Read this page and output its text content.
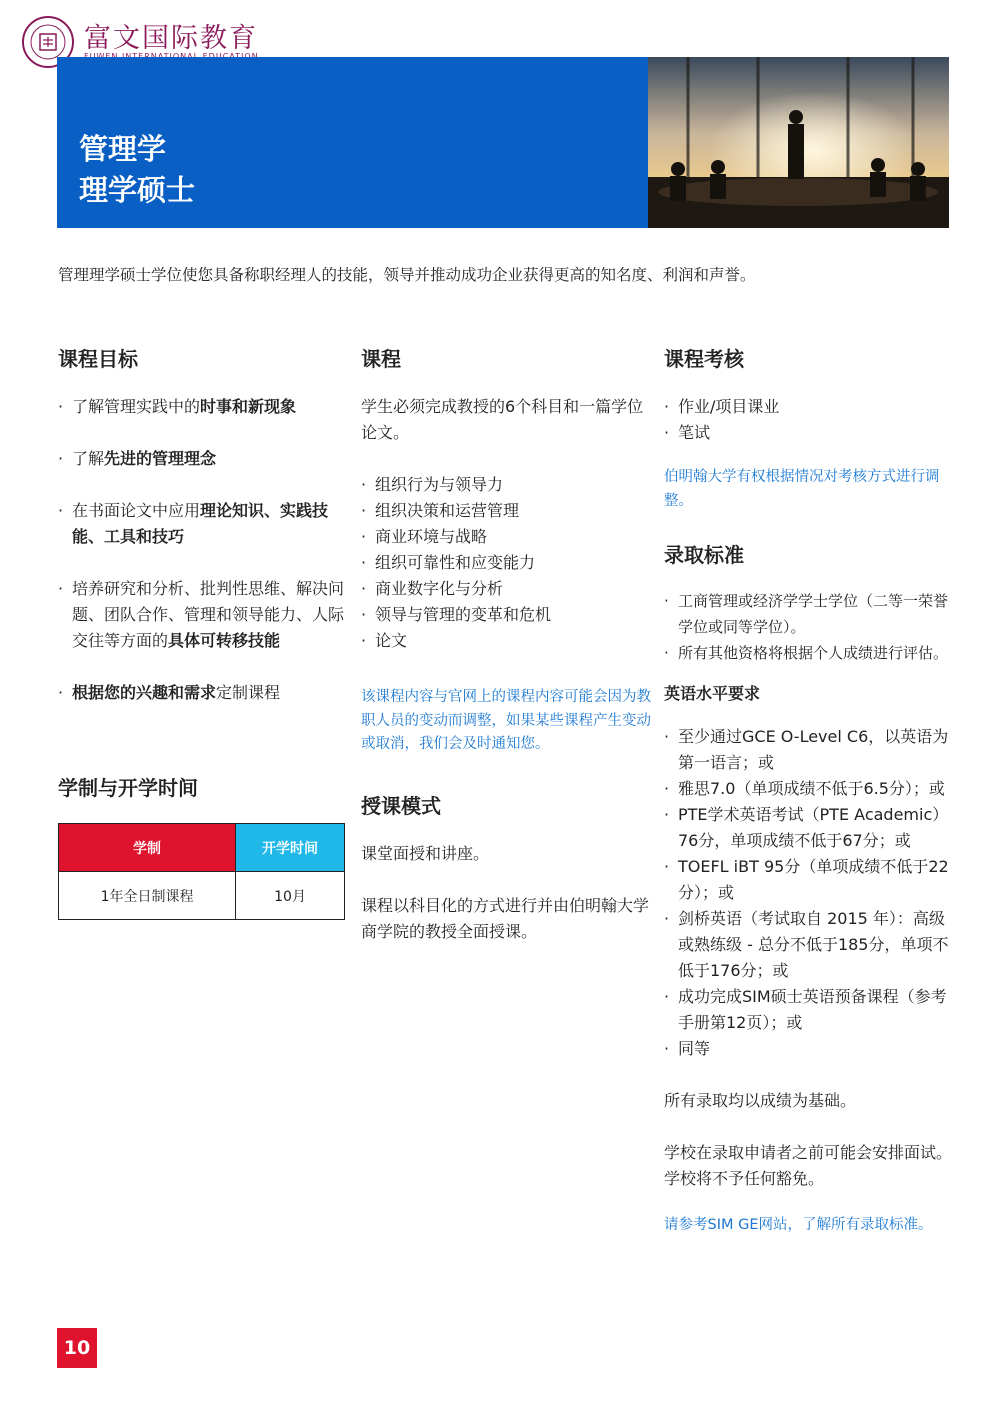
富文国际教育
管理学
理学硕士

管理理学硕士学位使您具备称职经理人的技能，领导并推动成功企业获得更高的知名度、利润和声誉。

课程目标
· 了解管理实践中的时事和新现象
· 了解先进的管理理念
· 在书面论文中应用理论知识、实践技能、工具和技巧
· 培养研究和分析、批判性思维、解决问题、团队合作、管理和领导能力、人际交往等方面的具体可转移技能
· 根据您的兴趣和需求定制课程
学制与开学时间
学制	开学时间
1年全日制课程	10月
课程

学生必须完成教授的6个科目和一篇学位论文。

· 组织行为与领导力
· 组织决策和运营管理
· 商业环境与战略
· 组织可靠性和应变能力
· 商业数字化与分析
· 领导与管理的变革和危机
· 论文

该课程内容与官网上的课程内容可能会因为教职人员的变动而调整，如果某些课程产生变动或取消，我们会及时通知您。

授课模式

课堂面授和讲座。

课程以科目化的方式进行并由伯明翰大学商学院的教授全面授课。

课程考核
· 作业/项目课业
· 笔试

伯明翰大学有权根据情况对考核方式进行调整。

录取标准
· 工商管理或经济学学士学位（二等一荣誉学位或同等学位）。
· 所有其他资格将根据个人成绩进行评估。
英语水平要求
· 至少通过GCE O-Level C6，以英语为第一语言；或
· 雅思7.0（单项成绩不低于6.5分）；或
· PTE学术英语考试（PTE Academic）76分，单项成绩不低于67分；或
· TOEFL iBT 95分（单项成绩不低于22分）；或
· 剑桥英语（考试取自 2015 年）：高级或熟练级 - 总分不低于185分，单项不低于176分；或
· 成功完成SIM硕士英语预备课程（参考手册第12页）；或
· 同等

所有录取均以成绩为基础。

学校在录取申请者之前可能会安排面试。学校将不予任何豁免。

请参考SIM GE网站，了解所有录取标准。

10
